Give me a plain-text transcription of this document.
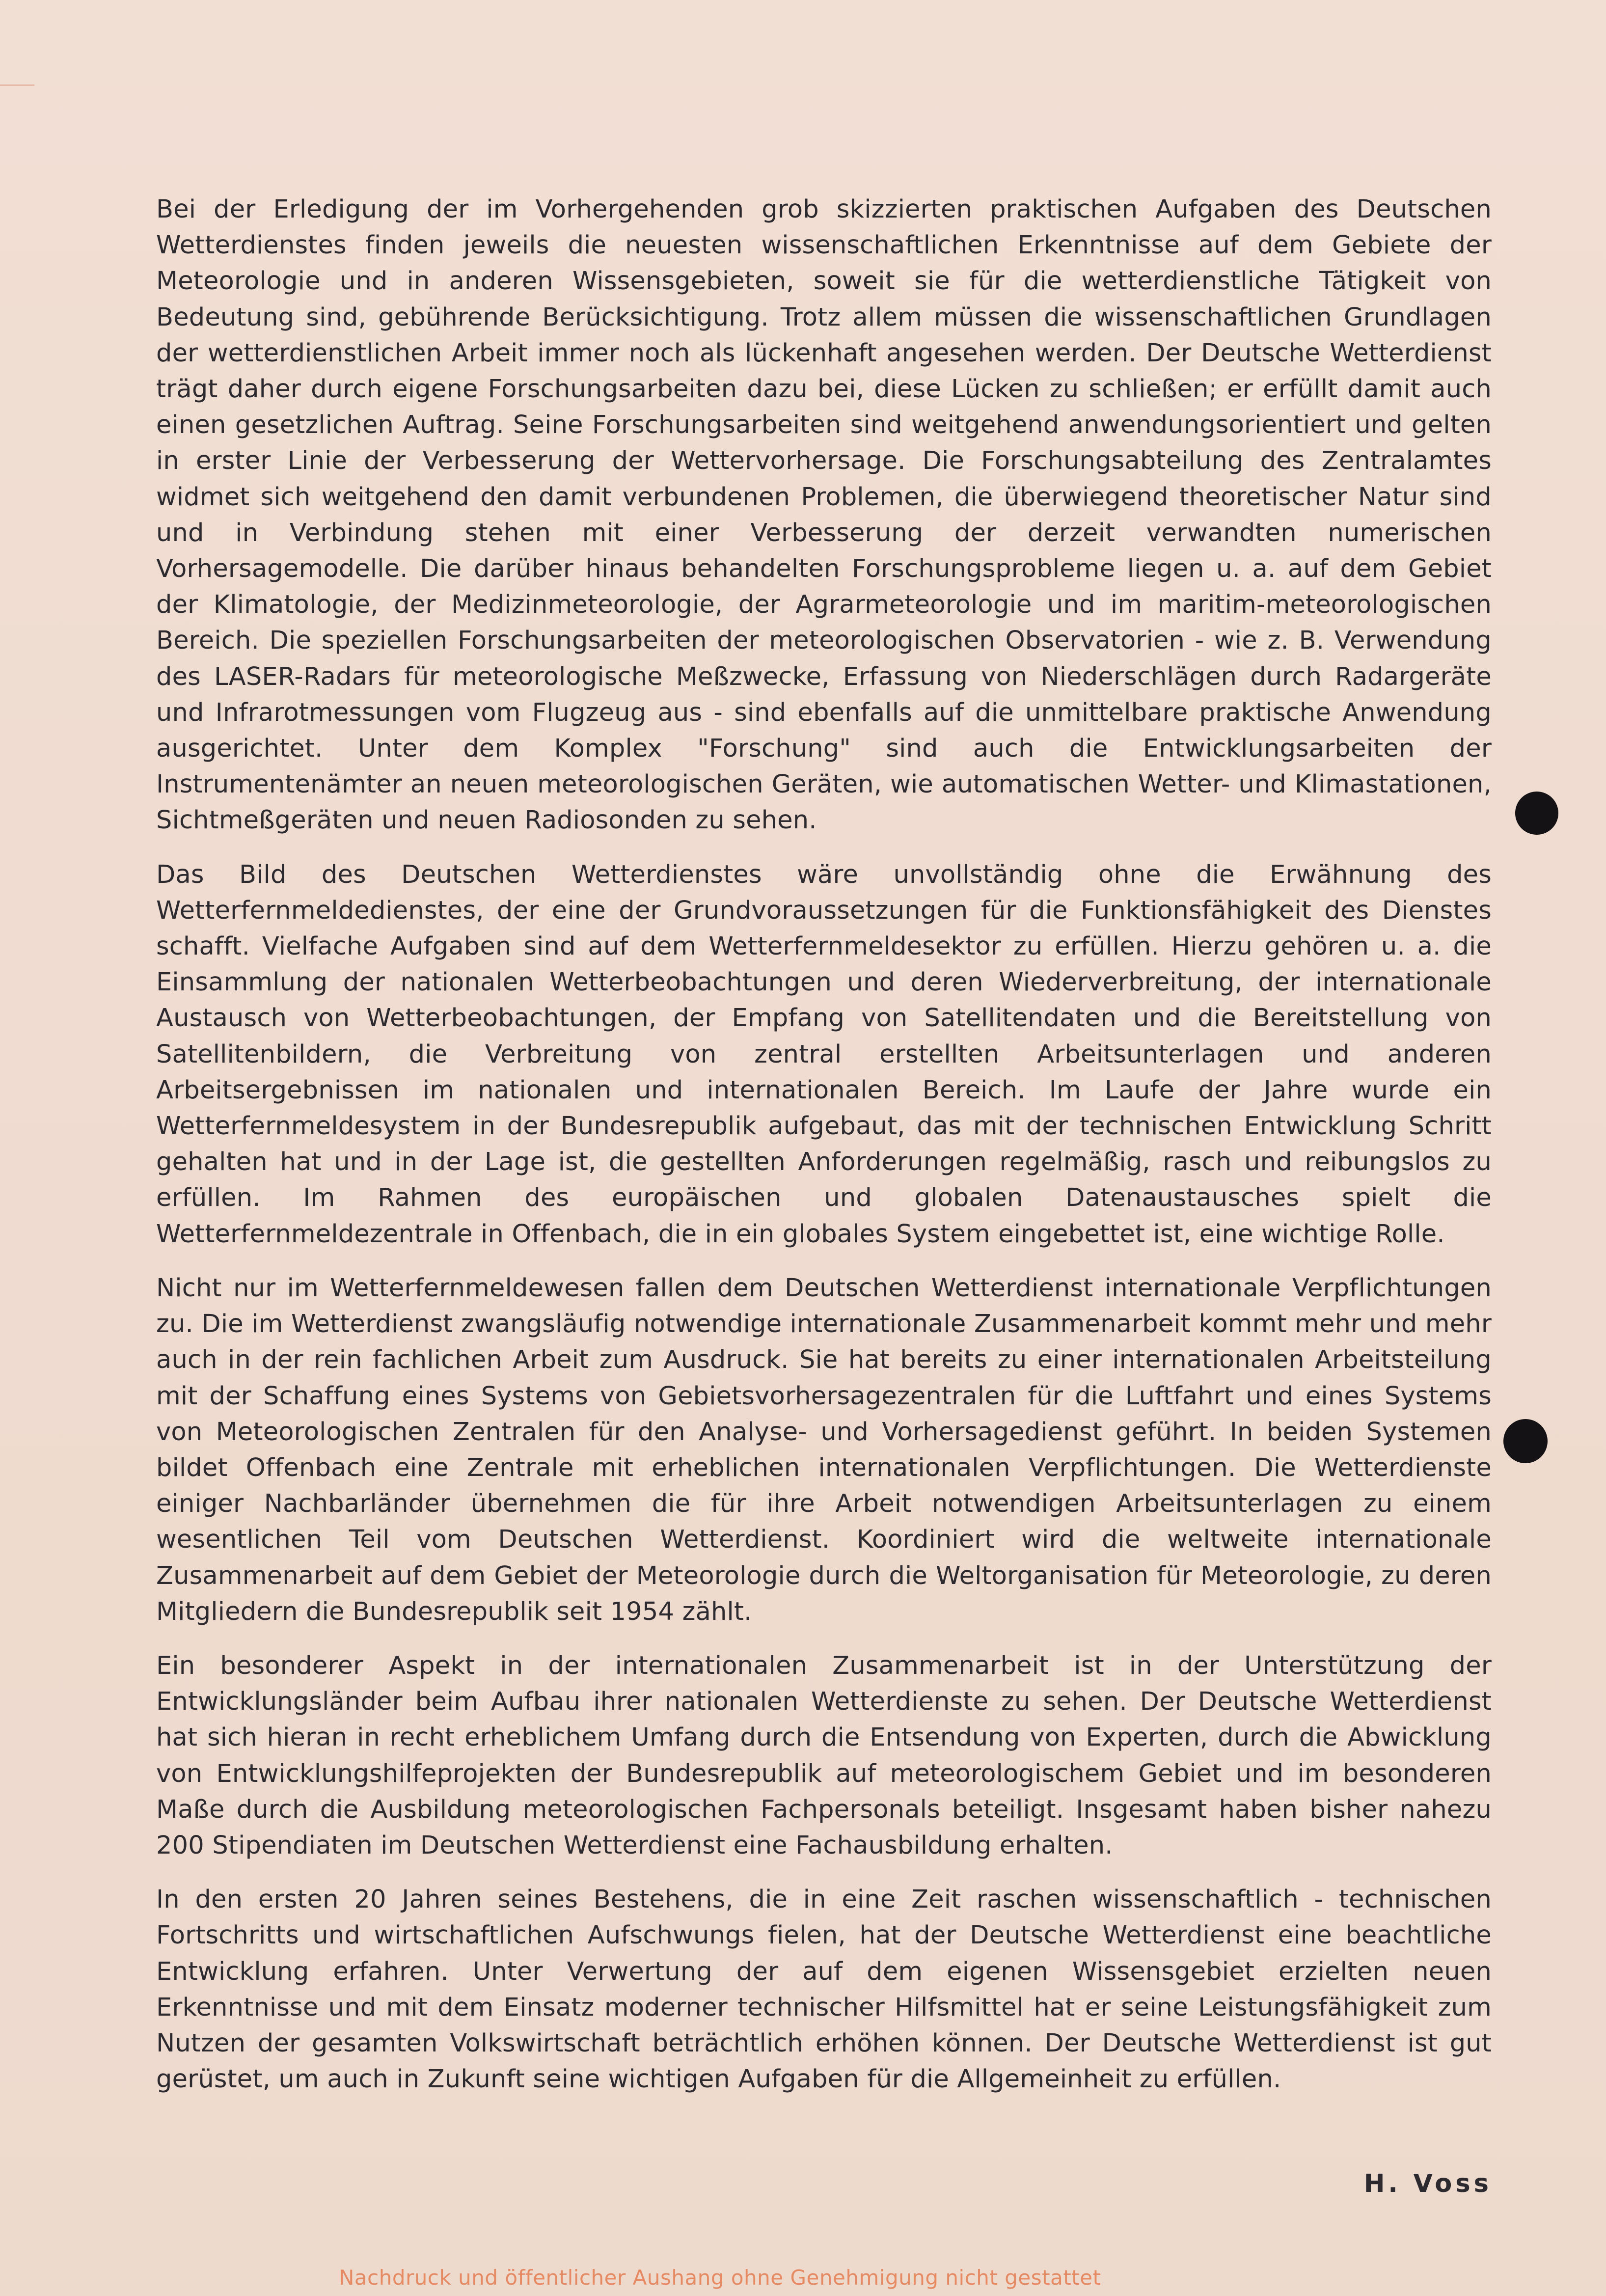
Bei der Erledigung der im Vorhergehenden grob skizzierten praktischen Aufgaben des Deutschen Wetterdienstes finden jeweils die neuesten wissenschaftlichen Erkenntnisse auf dem Gebiete der Meteorologie und in anderen Wissensgebieten, soweit sie für die wetterdienstliche Tätigkeit von Bedeutung sind, gebührende Berücksichtigung. Trotz allem müssen die wissenschaftlichen Grundlagen der wetterdienstlichen Arbeit immer noch als lückenhaft angesehen werden. Der Deutsche Wetterdienst trägt daher durch eigene Forschungsarbeiten dazu bei, diese Lücken zu schließen; er erfüllt damit auch einen gesetzlichen Auftrag. Seine Forschungsarbeiten sind weitgehend anwendungsorientiert und gelten in erster Linie der Verbesserung der Wettervorhersage. Die Forschungsabteilung des Zentralamtes widmet sich weitgehend den damit verbundenen Problemen, die überwiegend theoretischer Natur sind und in Verbindung stehen mit einer Verbesserung der derzeit verwandten numerischen Vorhersagemodelle. Die darüber hinaus behandelten Forschungsprobleme liegen u. a. auf dem Gebiet der Klimatologie, der Medizinmeteorologie, der Agrarmeteorologie und im maritim-meteorologischen Bereich. Die speziellen Forschungsarbeiten der meteorologischen Observatorien - wie z. B. Verwendung des LASER-Radars für meteorologische Meßzwecke, Erfassung von Niederschlägen durch Radargeräte und Infrarotmessungen vom Flugzeug aus - sind ebenfalls auf die unmittelbare praktische Anwendung ausgerichtet. Unter dem Komplex "Forschung" sind auch die Entwicklungsarbeiten der Instrumentenämter an neuen meteorologischen Geräten, wie automatischen Wetter- und Klimastationen, Sichtmeßgeräten und neuen Radiosonden zu sehen.

Das Bild des Deutschen Wetterdienstes wäre unvollständig ohne die Erwähnung des Wetterfernmeldedienstes, der eine der Grundvoraussetzungen für die Funktionsfähigkeit des Dienstes schafft. Vielfache Aufgaben sind auf dem Wetterfernmeldesektor zu erfüllen. Hierzu gehören u. a. die Einsammlung der nationalen Wetterbeobachtungen und deren Wiederverbreitung, der internationale Austausch von Wetterbeobachtungen, der Empfang von Satellitendaten und die Bereitstellung von Satellitenbildern, die Verbreitung von zentral erstellten Arbeitsunterlagen und anderen Arbeitsergebnissen im nationalen und internationalen Bereich. Im Laufe der Jahre wurde ein Wetterfernmeldesystem in der Bundesrepublik aufgebaut, das mit der technischen Entwicklung Schritt gehalten hat und in der Lage ist, die gestellten Anforderungen regelmäßig, rasch und reibungslos zu erfüllen. Im Rahmen des europäischen und globalen Datenaustausches spielt die Wetterfernmeldezentrale in Offenbach, die in ein globales System eingebettet ist, eine wichtige Rolle.

Nicht nur im Wetterfernmeldewesen fallen dem Deutschen Wetterdienst internationale Verpflichtungen zu. Die im Wetterdienst zwangsläufig notwendige internationale Zusammenarbeit kommt mehr und mehr auch in der rein fachlichen Arbeit zum Ausdruck. Sie hat bereits zu einer internationalen Arbeitsteilung mit der Schaffung eines Systems von Gebietsvorhersagezentralen für die Luftfahrt und eines Systems von Meteorologischen Zentralen für den Analyse- und Vorhersagedienst geführt. In beiden Systemen bildet Offenbach eine Zentrale mit erheblichen internationalen Verpflichtungen. Die Wetterdienste einiger Nachbarländer übernehmen die für ihre Arbeit notwendigen Arbeitsunterlagen zu einem wesentlichen Teil vom Deutschen Wetterdienst. Koordiniert wird die weltweite internationale Zusammenarbeit auf dem Gebiet der Meteorologie durch die Weltorganisation für Meteorologie, zu deren Mitgliedern die Bundesrepublik seit 1954 zählt.

Ein besonderer Aspekt in der internationalen Zusammenarbeit ist in der Unterstützung der Entwicklungsländer beim Aufbau ihrer nationalen Wetterdienste zu sehen. Der Deutsche Wetterdienst hat sich hieran in recht erheblichem Umfang durch die Entsendung von Experten, durch die Abwicklung von Entwicklungshilfeprojekten der Bundesrepublik auf meteorologischem Gebiet und im besonderen Maße durch die Ausbildung meteorologischen Fachpersonals beteiligt. Insgesamt haben bisher nahezu 200 Stipendiaten im Deutschen Wetterdienst eine Fachausbildung erhalten.

In den ersten 20 Jahren seines Bestehens, die in eine Zeit raschen wissenschaftlich - technischen Fortschritts und wirtschaftlichen Aufschwungs fielen, hat der Deutsche Wetterdienst eine beachtliche Entwicklung erfahren. Unter Verwertung der auf dem eigenen Wissensgebiet erzielten neuen Erkenntnisse und mit dem Einsatz moderner technischer Hilfsmittel hat er seine Leistungsfähigkeit zum Nutzen der gesamten Volkswirtschaft beträchtlich erhöhen können. Der Deutsche Wetterdienst ist gut gerüstet, um auch in Zukunft seine wichtigen Aufgaben für die Allgemeinheit zu erfüllen.

H. Voss
Nachdruck und öffentlicher Aushang ohne Genehmigung nicht gestattet
